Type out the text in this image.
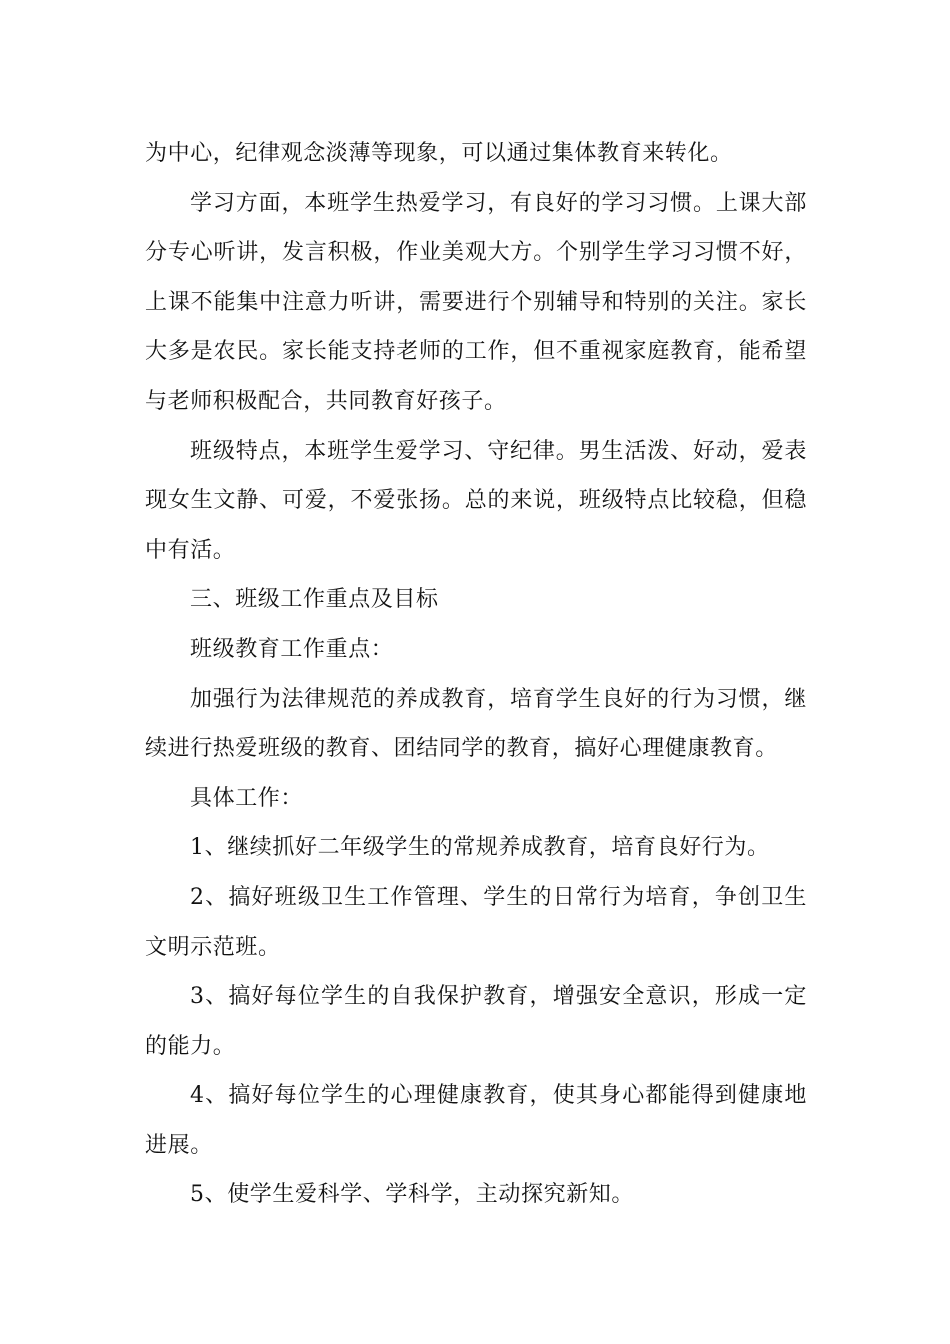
为中心，纪律观念淡薄等现象，可以通过集体教育来转化。

学习方面，本班学生热爱学习，有良好的学习习惯。上课大部分专心听讲，发言积极，作业美观大方。个别学生学习习惯不好，上课不能集中注意力听讲，需要进行个别辅导和特别的关注。家长大多是农民。家长能支持老师的工作，但不重视家庭教育，能希望与老师积极配合，共同教育好孩子。

班级特点，本班学生爱学习、守纪律。男生活泼、好动，爱表现女生文静、可爱，不爱张扬。总的来说，班级特点比较稳，但稳中有活。

三、班级工作重点及目标

班级教育工作重点：

加强行为法律规范的养成教育，培育学生良好的行为习惯，继续进行热爱班级的教育、团结同学的教育，搞好心理健康教育。

具体工作：

1、继续抓好二年级学生的常规养成教育，培育良好行为。

2、搞好班级卫生工作管理、学生的日常行为培育，争创卫生文明示范班。

3、搞好每位学生的自我保护教育，增强安全意识，形成一定的能力。

4、搞好每位学生的心理健康教育，使其身心都能得到健康地进展。

5、使学生爱科学、学科学，主动探究新知。
